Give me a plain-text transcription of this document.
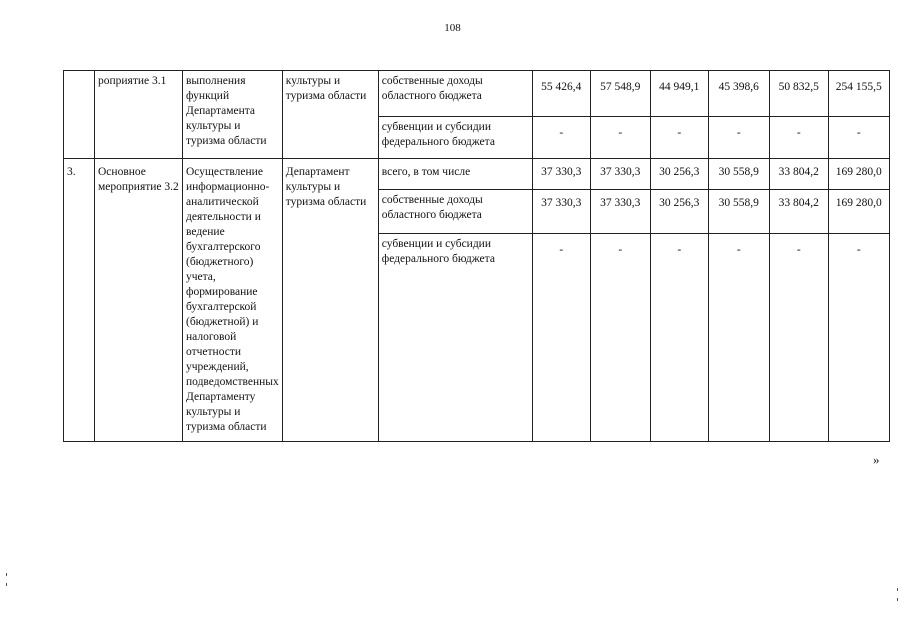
108
	роприятие 3.1	выполнения функций Департамента культуры и туризма области	культуры и туризма области	собственные доходы областного бюджета	55 426,4	57 548,9	44 949,1	45 398,6	50 832,5	254 155,5
				субвенции и субсидии федерального бюджета	-	-	-	-	-	-
3.	Основное мероприятие 3.2	Осуществление информационно-аналитической деятельности и ведение бухгалтерского (бюджетного) учета, формирование бухгалтерской (бюджетной) и налоговой отчетности учреждений, подведомственных Департаменту культуры и туризма области	Департамент культуры и туризма области	всего, в том числе	37 330,3	37 330,3	30 256,3	30 558,9	33 804,2	169 280,0
				собственные доходы областного бюджета	37 330,3	37 330,3	30 256,3	30 558,9	33 804,2	169 280,0
				субвенции и субсидии федерального бюджета	-	-	-	-	-	-
»
